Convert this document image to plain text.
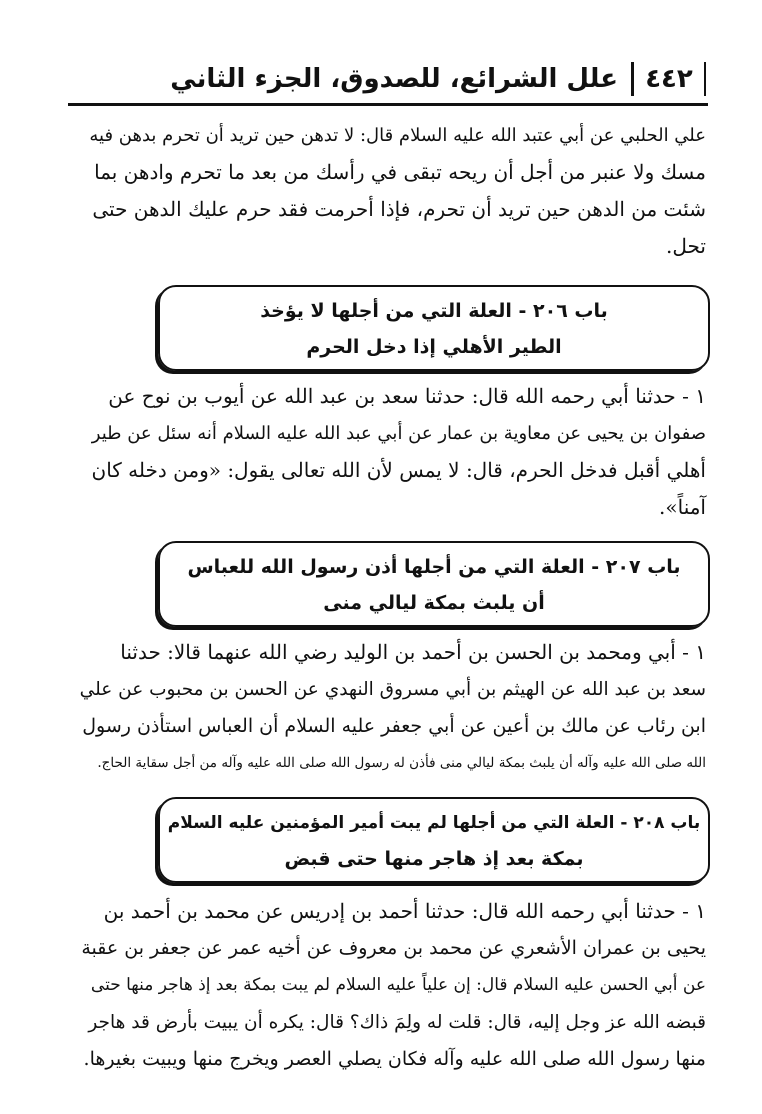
٤٤٢
علل الشرائع، للصدوق، الجزء الثاني
علي الحلبي عن أبي عتبد الله عليه السلام قال: لا تدهن حين تريد أن تحرم بدهن فيه
مسك ولا عنبر من أجل أن ريحه تبقى في رأسك من بعد ما تحرم وادهن بما
شئت من الدهن حين تريد أن تحرم، فإذا أحرمت فقد حرم عليك الدهن حتى
تحل.
باب ٢٠٦ - العلة التي من أجلها لا يؤخذ
الطير الأهلي إذا دخل الحرم
١ - حدثنا أبي رحمه الله قال: حدثنا سعد بن عبد الله عن أيوب بن نوح عن
صفوان بن يحيى عن معاوية بن عمار عن أبي عبد الله عليه السلام أنه سئل عن طير
أهلي أقبل فدخل الحرم، قال: لا يمس لأن الله تعالى يقول: «ومن دخله كان
آمناً».
باب ٢٠٧ - العلة التي من أجلها أذن رسول الله للعباس
أن يلبث بمكة ليالي منى
١ - أبي ومحمد بن الحسن بن أحمد بن الوليد رضي الله عنهما قالا: حدثنا
سعد بن عبد الله عن الهيثم بن أبي مسروق النهدي عن الحسن بن محبوب عن علي
ابن رئاب عن مالك بن أعين عن أبي جعفر عليه السلام أن العباس استأذن رسول
الله صلى الله عليه وآله أن يلبث بمكة ليالي منى فأذن له رسول الله صلى الله عليه وآله من أجل سقاية الحاج.
باب ٢٠٨ - العلة التي من أجلها لم يبت أمير المؤمنين عليه السلام
بمكة بعد إذ هاجر منها حتى قبض
١ - حدثنا أبي رحمه الله قال: حدثنا أحمد بن إدريس عن محمد بن أحمد بن
يحيى بن عمران الأشعري عن محمد بن معروف عن أخيه عمر عن جعفر بن عقبة
عن أبي الحسن عليه السلام قال: إن علياً عليه السلام لم يبت بمكة بعد إذ هاجر منها حتى
قبضه الله عز وجل إليه، قال: قلت له ولِمَ ذاك؟ قال: يكره أن يبيت بأرض قد هاجر
منها رسول الله صلى الله عليه وآله فكان يصلي العصر ويخرج منها ويبيت بغيرها.
